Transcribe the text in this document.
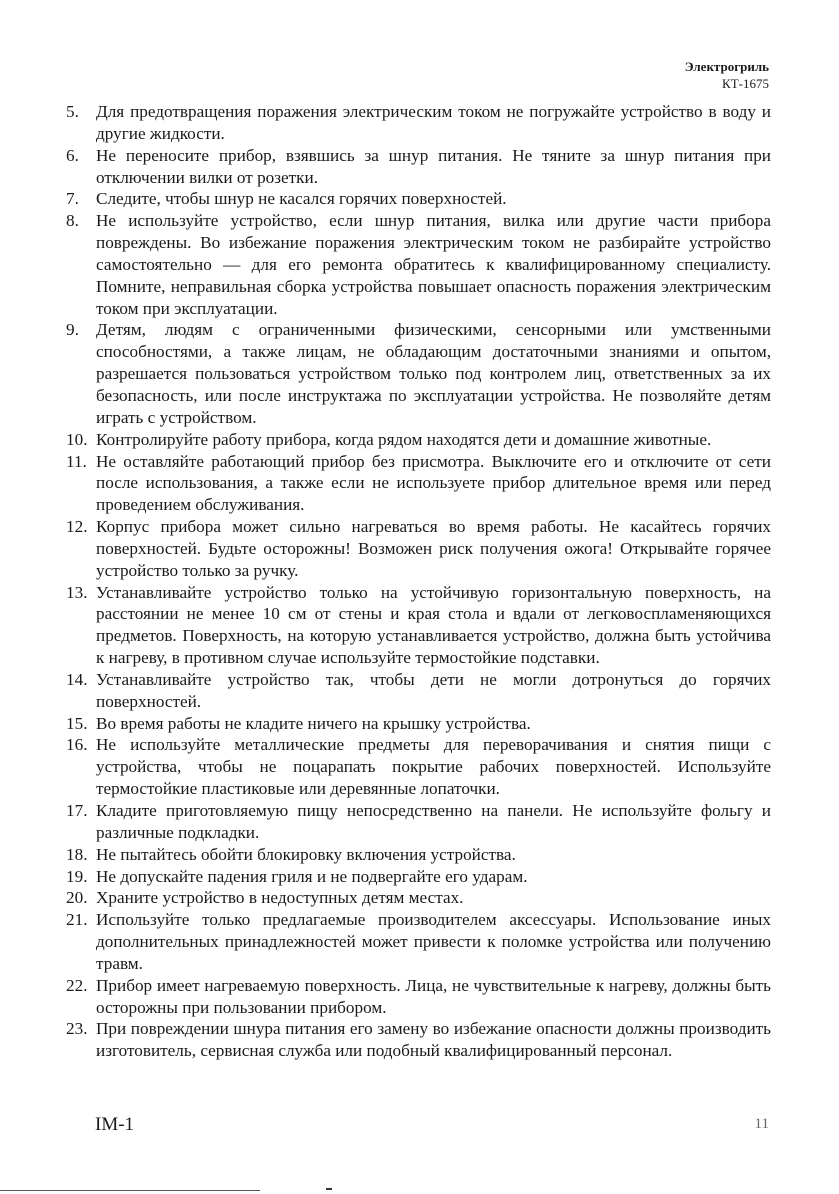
Электрогриль
КТ-1675
5. Для предотвращения поражения электрическим током не погружайте устройство в воду и другие жидкости.
6. Не переносите прибор, взявшись за шнур питания. Не тяните за шнур питания при отключении вилки от розетки.
7. Следите, чтобы шнур не касался горячих поверхностей.
8. Не используйте устройство, если шнур питания, вилка или другие части прибора повреждены. Во избежание поражения электрическим током не разбирайте устройство самостоятельно — для его ремонта обратитесь к квалифицированному специалисту. Помните, неправильная сборка устройства повышает опасность поражения электрическим током при эксплуатации.
9. Детям, людям с ограниченными физическими, сенсорными или умственными способностями, а также лицам, не обладающим достаточными знаниями и опытом, разрешается пользоваться устройством только под контролем лиц, ответственных за их безопасность, или после инструктажа по эксплуатации устройства. Не позволяйте детям играть с устройством.
10. Контролируйте работу прибора, когда рядом находятся дети и домашние животные.
11. Не оставляйте работающий прибор без присмотра. Выключите его и отключите от сети после использования, а также если не используете прибор длительное время или перед проведением обслуживания.
12. Корпус прибора может сильно нагреваться во время работы. Не касайтесь горячих поверхностей. Будьте осторожны! Возможен риск получения ожога! Открывайте горячее устройство только за ручку.
13. Устанавливайте устройство только на устойчивую горизонтальную поверхность, на расстоянии не менее 10 см от стены и края стола и вдали от легковоспламеняющихся предметов. Поверхность, на которую устанавливается устройство, должна быть устойчива к нагреву, в противном случае используйте термостойкие подставки.
14. Устанавливайте устройство так, чтобы дети не могли дотронуться до горячих поверхностей.
15. Во время работы не кладите ничего на крышку устройства.
16. Не используйте металлические предметы для переворачивания и снятия пищи с устройства, чтобы не поцарапать покрытие рабочих поверхностей. Используйте термостойкие пластиковые или деревянные лопаточки.
17. Кладите приготовляемую пищу непосредственно на панели. Не используйте фольгу и различные подкладки.
18. Не пытайтесь обойти блокировку включения устройства.
19. Не допускайте падения гриля и не подвергайте его ударам.
20. Храните устройство в недоступных детям местах.
21. Используйте только предлагаемые производителем аксессуары. Использование иных дополнительных принадлежностей может привести к поломке устройства или получению травм.
22. Прибор имеет нагреваемую поверхность. Лица, не чувствительные к нагреву, должны быть осторожны при пользовании прибором.
23. При повреждении шнура питания его замену во избежание опасности должны производить изготовитель, сервисная служба или подобный квалифицированный персонал.
IM-1	11
